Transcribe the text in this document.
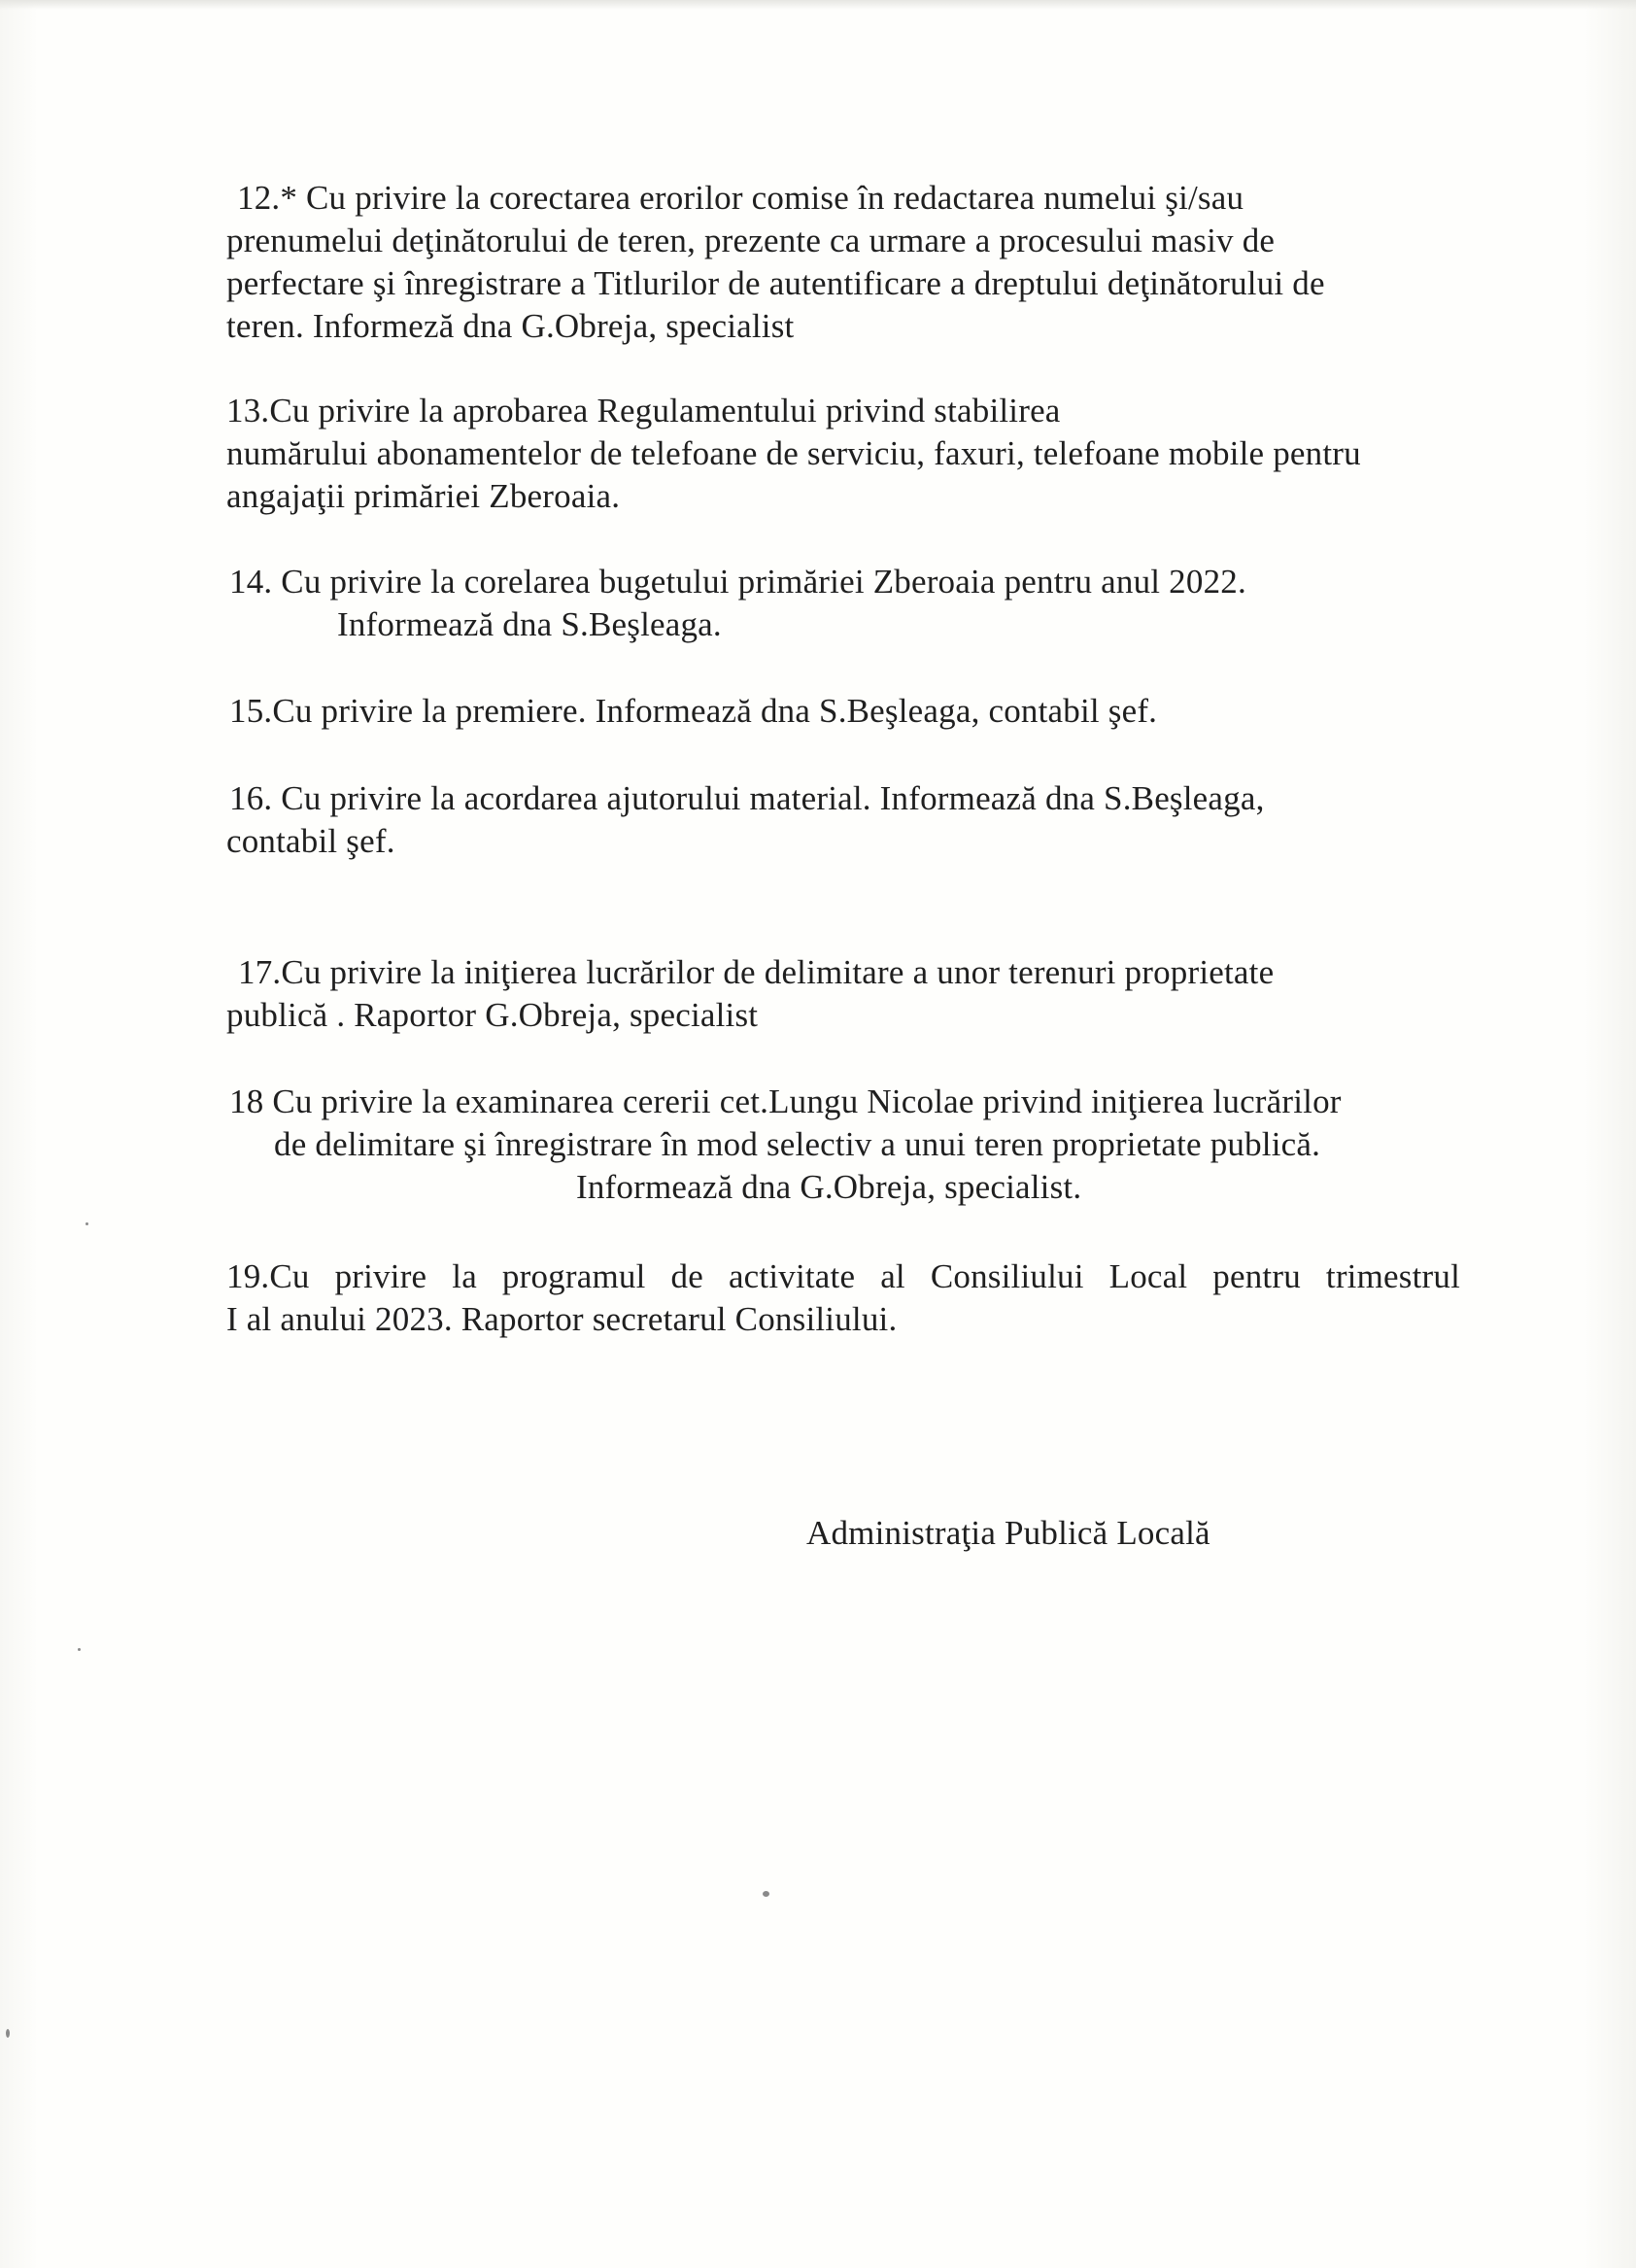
12.* Cu privire la corectarea erorilor comise în redactarea numelui şi/sau
prenumelui deţinătorului de teren, prezente ca urmare a procesului masiv de
perfectare şi înregistrare a Titlurilor de autentificare a dreptului deţinătorului de
teren. Informeză dna G.Obreja, specialist
13.Cu privire la aprobarea Regulamentului privind stabilirea
numărului abonamentelor de telefoane de serviciu, faxuri, telefoane mobile pentru
angajaţii primăriei Zberoaia.
14. Cu privire la corelarea bugetului primăriei Zberoaia pentru anul 2022.
Informează dna S.Beşleaga.
15.Cu privire la premiere. Informează dna S.Beşleaga, contabil şef.
16. Cu privire la acordarea ajutorului material. Informează dna S.Beşleaga,
contabil şef.
17.Cu privire la iniţierea lucrărilor de delimitare a unor terenuri proprietate
publică . Raportor G.Obreja, specialist
18 Cu privire la examinarea cererii cet.Lungu Nicolae privind iniţierea lucrărilor
de delimitare şi înregistrare în mod selectiv a unui teren proprietate publică.
Informează dna G.Obreja, specialist.
19.Cu privire la programul de activitate al Consiliului Local pentru trimestrul
I al anului 2023. Raportor secretarul Consiliului.
Administraţia Publică Locală
